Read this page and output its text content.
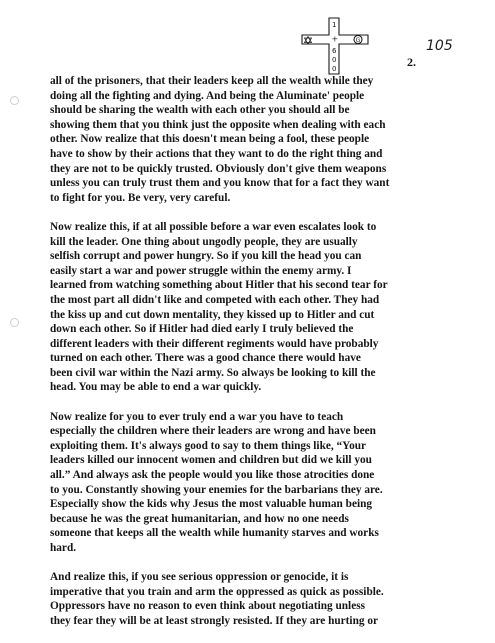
1
+
6
0
0
G	105
2.

all of the prisoners, that their leaders keep all the wealth while they
doing all the fighting and dying. And being the Aluminate' people
should be sharing the wealth with each other you should all be
showing them that you think just the opposite when dealing with each
other. Now realize that this doesn't mean being a fool, these people
have to show by their actions that they want to do the right thing and
they are not to be quickly trusted. Obviously don't give them weapons
unless you can truly trust them and you know that for a fact they want
to fight for you. Be very, very careful.

Now realize this, if at all possible before a war even escalates look to
kill the leader. One thing about ungodly people, they are usually
selfish corrupt and power hungry. So if you kill the head you can
easily start a war and power struggle within the enemy army. I
learned from watching something about Hitler that his second tear for
the most part all didn't like and competed with each other. They had
the kiss up and cut down mentality, they kissed up to Hitler and cut
down each other. So if Hitler had died early I truly believed the
different leaders with their different regiments would have probably
turned on each other. There was a good chance there would have
been civil war within the Nazi army. So always be looking to kill the
head. You may be able to end a war quickly.

Now realize for you to ever truly end a war you have to teach
especially the children where their leaders are wrong and have been
exploiting them. It's always good to say to them things like, “Your
leaders killed our innocent women and children but did we kill you
all.” And always ask the people would you like those atrocities done
to you. Constantly showing your enemies for the barbarians they are.
Especially show the kids why Jesus the most valuable human being
because he was the great humanitarian, and how no one needs
someone that keeps all the wealth while humanity starves and works
hard.

And realize this, if you see serious oppression or genocide, it is
imperative that you train and arm the oppressed as quick as possible.
Oppressors have no reason to even think about negotiating unless
they fear they will be at least strongly resisted. If they are hurting or
